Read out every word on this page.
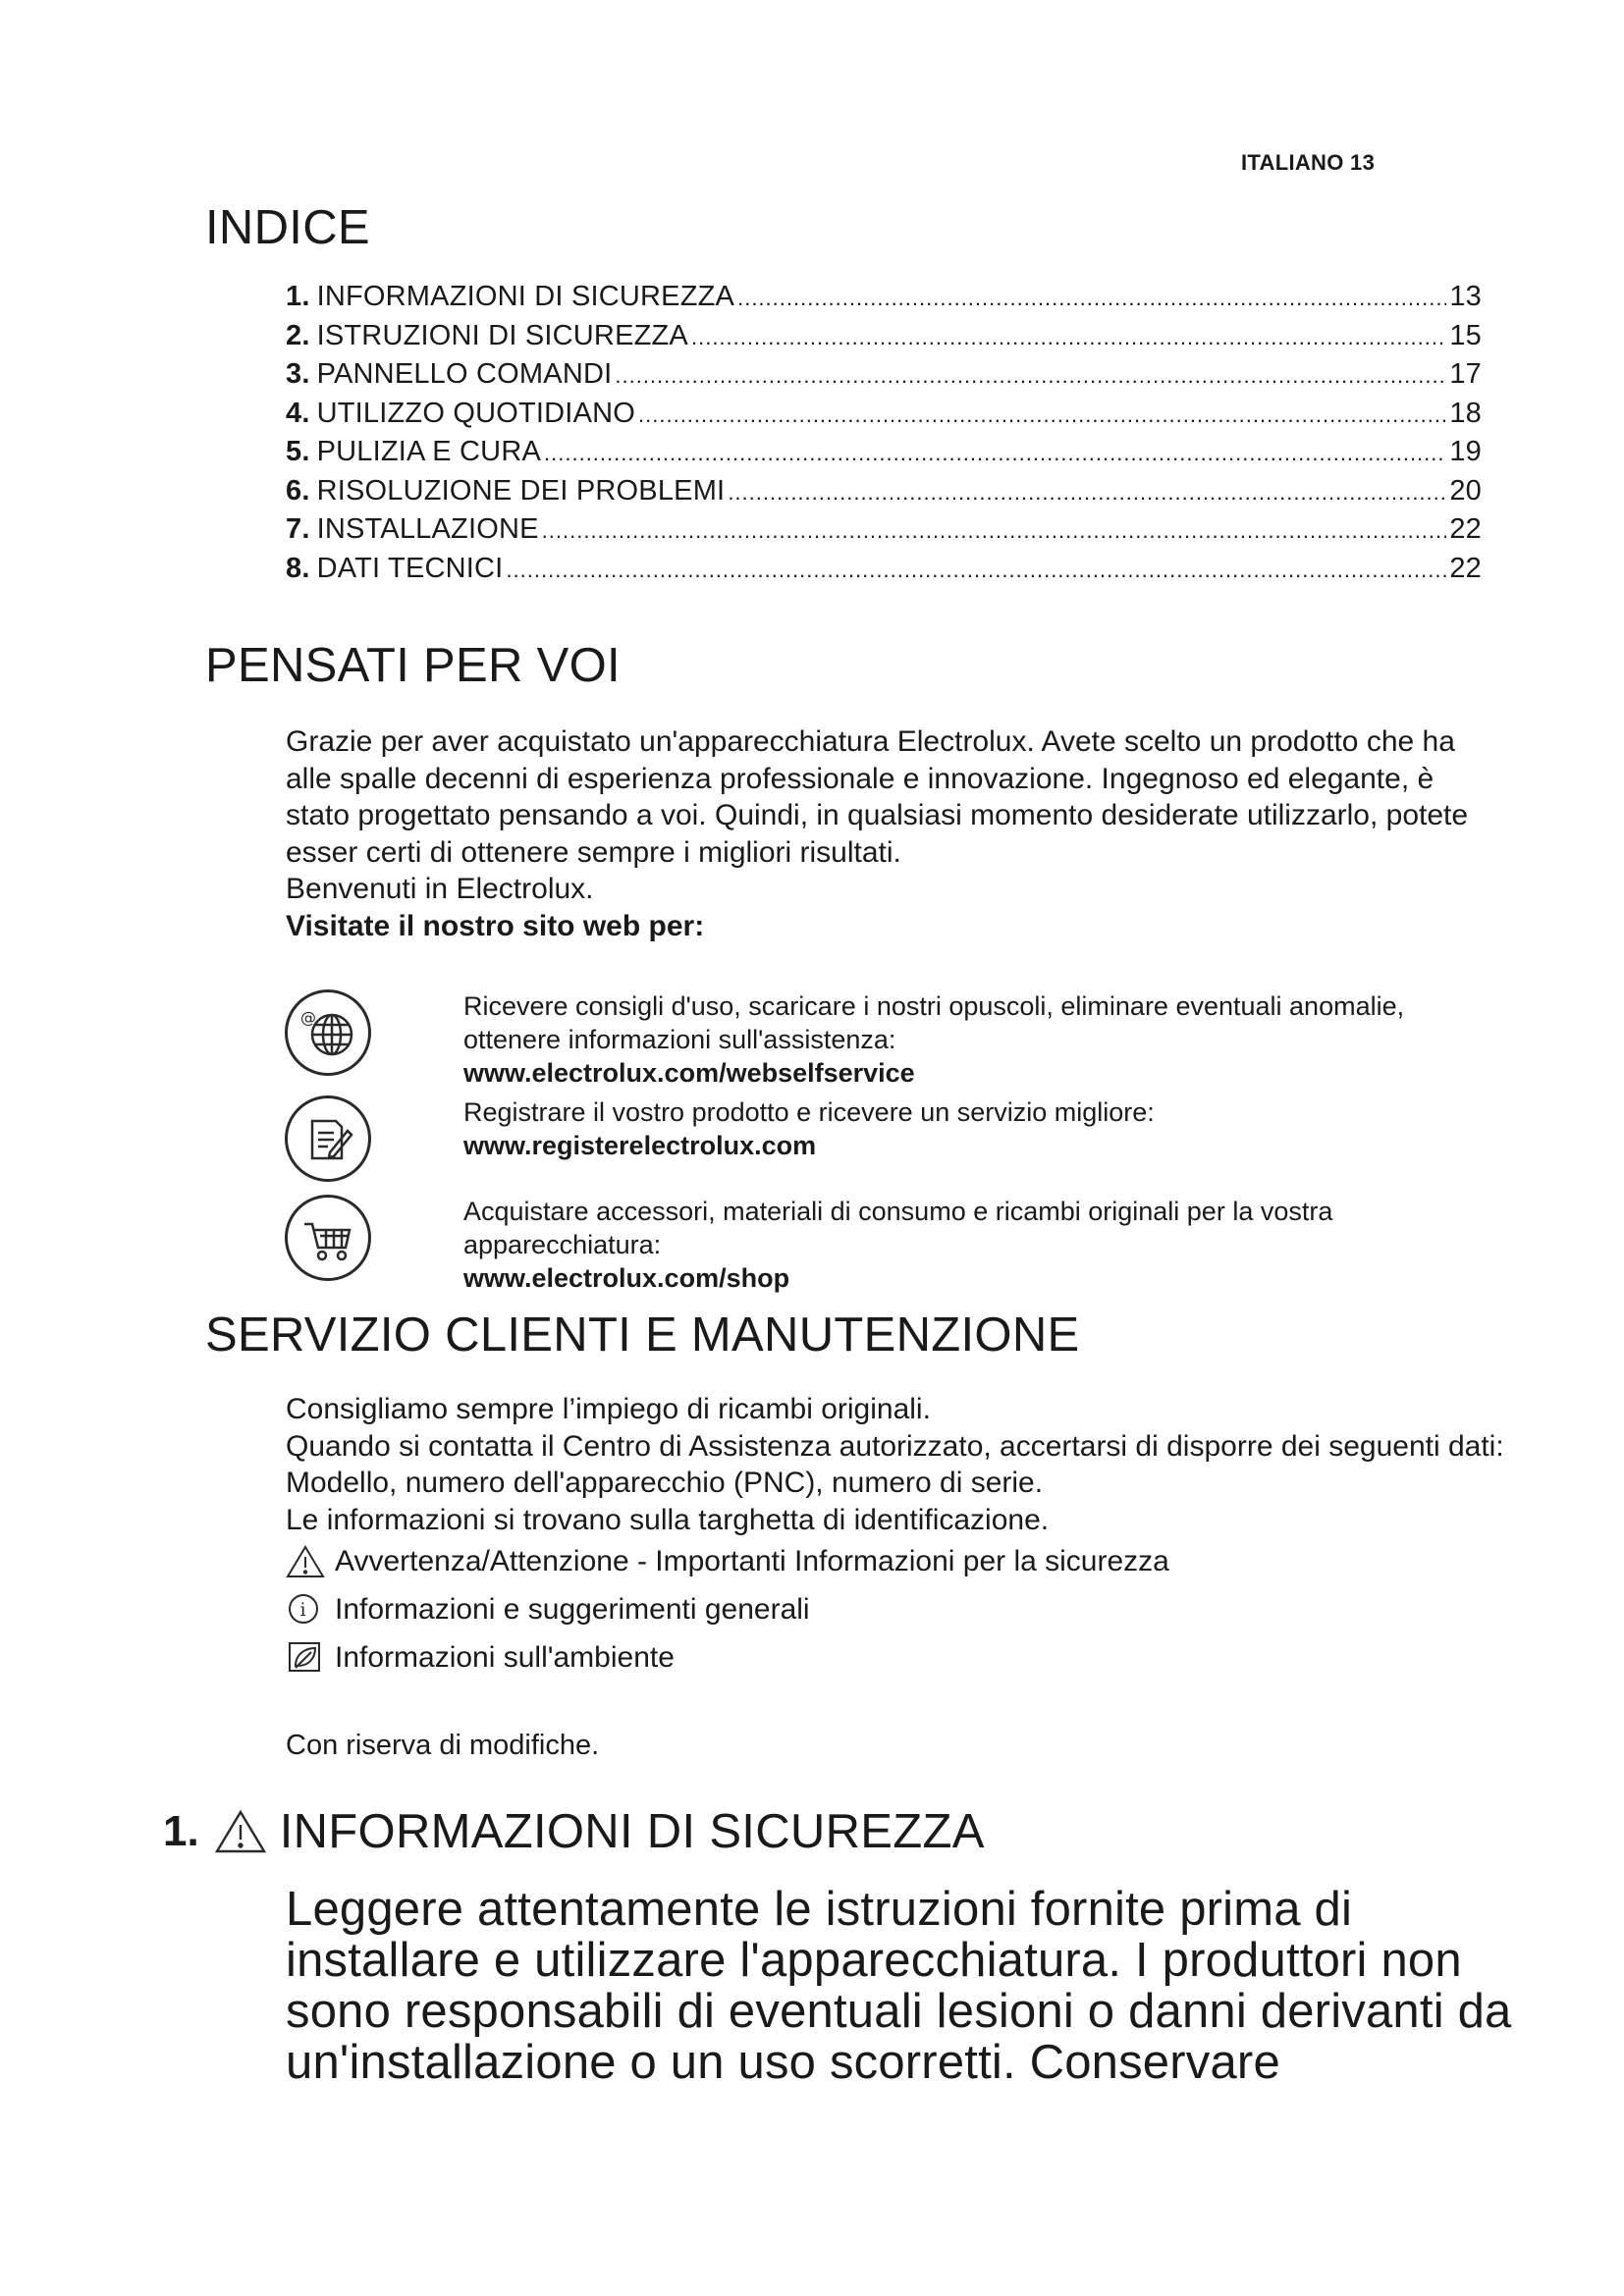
ITALIANO 13
INDICE
1. INFORMAZIONI DI SICUREZZA .....	13
2. ISTRUZIONI DI SICUREZZA .....	15
3. PANNELLO COMANDI .....	17
4. UTILIZZO QUOTIDIANO .....	18
5. PULIZIA E CURA .....	19
6. RISOLUZIONE DEI PROBLEMI .....	20
7. INSTALLAZIONE .....	22
8. DATI TECNICI .....	22
PENSATI PER VOI

Grazie per aver acquistato un'apparecchiatura Electrolux. Avete scelto un prodotto che ha alle spalle decenni di esperienza professionale e innovazione. Ingegnoso ed elegante, è stato progettato pensando a voi. Quindi, in qualsiasi momento desiderate utilizzarlo, potete esser certi di ottenere sempre i migliori risultati.

Benvenuti in Electrolux.

Visitate il nostro sito web per:

@	Ricevere consigli d'uso, scaricare i nostri opuscoli, eliminare eventuali anomalie, ottenere informazioni sull'assistenza:

www.electrolux.com/webselfservice

Registrare il vostro prodotto e ricevere un servizio migliore:

www.registerelectrolux.com

Acquistare accessori, materiali di consumo e ricambi originali per la vostra apparecchiatura:

www.electrolux.com/shop

SERVIZIO CLIENTI E MANUTENZIONE

Consigliamo sempre l’impiego di ricambi originali.

Quando si contatta il Centro di Assistenza autorizzato, accertarsi di disporre dei seguenti dati: Modello, numero dell'apparecchio (PNC), numero di serie.

Le informazioni si trovano sulla targhetta di identificazione.

Avvertenza/Attenzione - Importanti Informazioni per la sicurezza
i Informazioni e suggerimenti generali
Informazioni sull'ambiente
Con riserva di modifiche.
1. INFORMAZIONI DI SICUREZZA
Leggere attentamente le istruzioni fornite prima di installare e utilizzare l'apparecchiatura. I produttori non sono responsabili di eventuali lesioni o danni derivanti da un'installazione o un uso scorretti. Conservare
